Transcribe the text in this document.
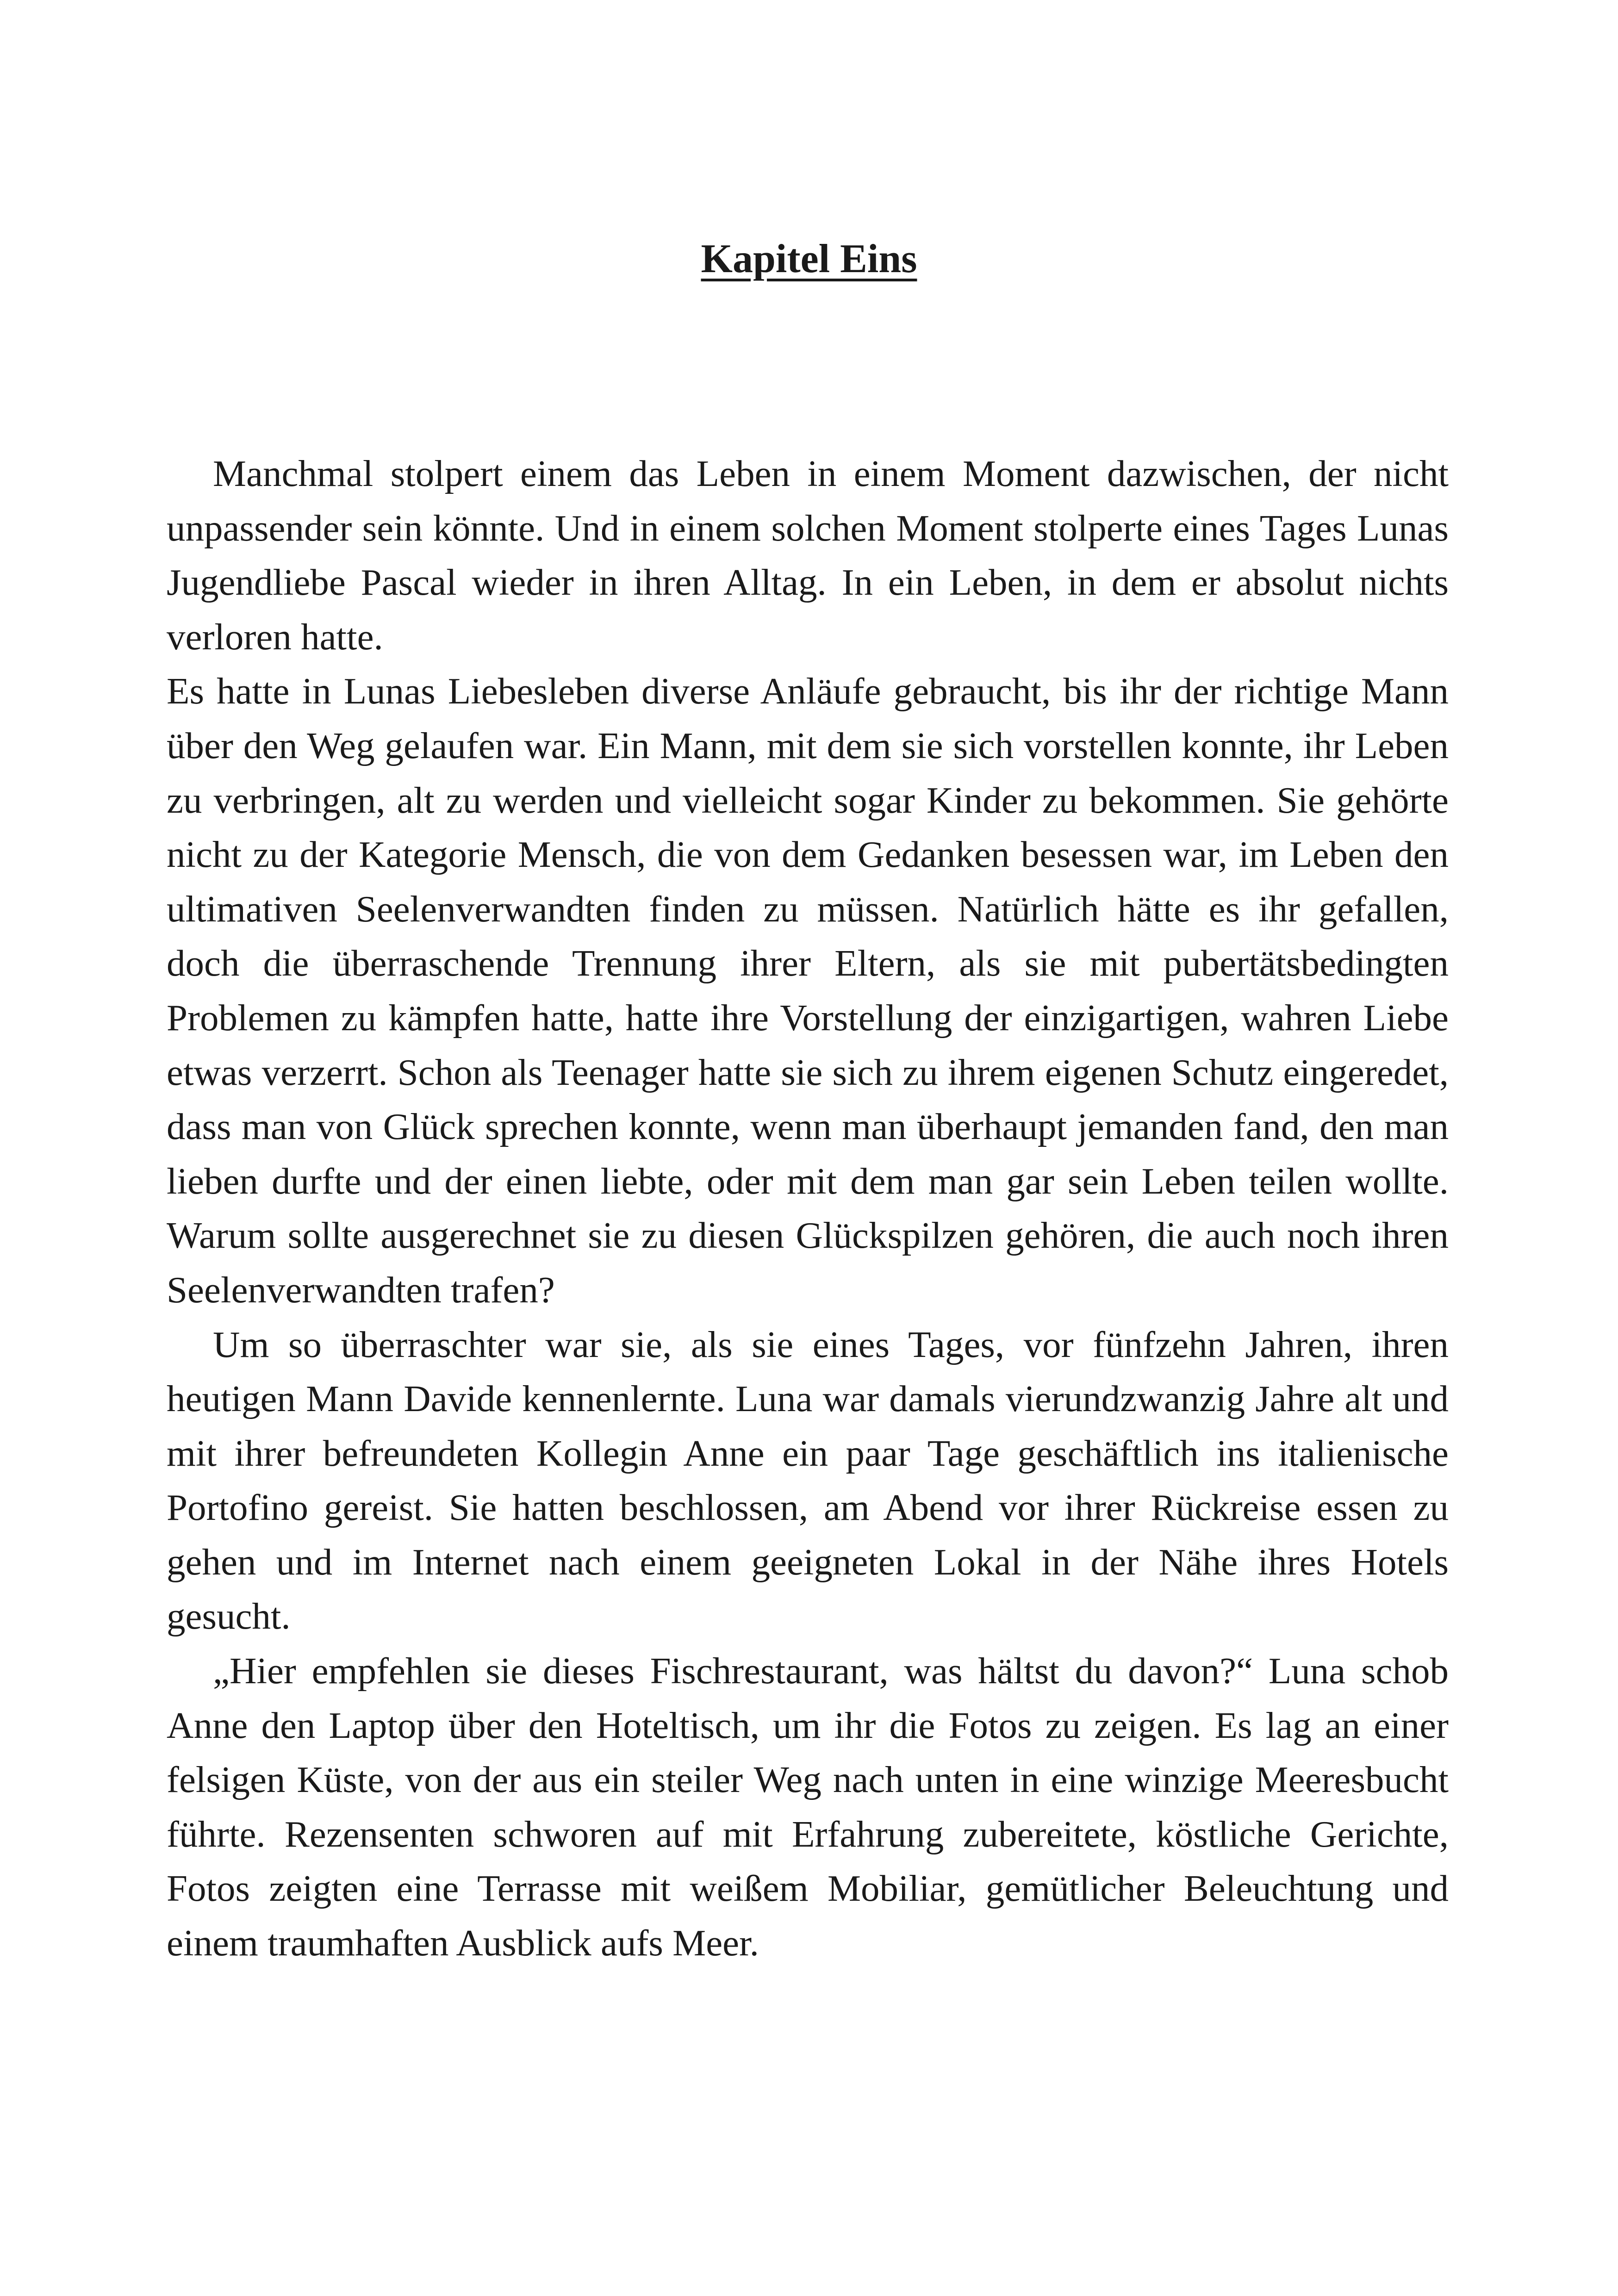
Kapitel Eins

Manchmal stolpert einem das Leben in einem Moment dazwischen, der nicht unpassender sein könnte. Und in einem solchen Moment stolperte eines Tages Lunas Jugendliebe Pascal wieder in ihren Alltag. In ein Leben, in dem er absolut nichts verloren hatte.

Es hatte in Lunas Liebesleben diverse Anläufe gebraucht, bis ihr der richtige Mann über den Weg gelaufen war. Ein Mann, mit dem sie sich vorstellen konnte, ihr Leben zu verbringen, alt zu werden und vielleicht sogar Kinder zu bekommen. Sie gehörte nicht zu der Kategorie Mensch, die von dem Gedanken besessen war, im Leben den ultimativen Seelenverwandten finden zu müssen. Natürlich hätte es ihr gefallen, doch die überraschende Trennung ihrer Eltern, als sie mit pubertätsbedingten Problemen zu kämpfen hatte, hatte ihre Vorstellung der einzigartigen, wahren Liebe etwas verzerrt. Schon als Teenager hatte sie sich zu ihrem eigenen Schutz eingeredet, dass man von Glück sprechen konnte, wenn man überhaupt jemanden fand, den man lieben durfte und der einen liebte, oder mit dem man gar sein Leben teilen wollte. Warum sollte ausgerechnet sie zu diesen Glückspilzen gehören, die auch noch ihren Seelenverwandten trafen?

Um so überraschter war sie, als sie eines Tages, vor fünfzehn Jahren, ihren heutigen Mann Davide kennenlernte. Luna war damals vierundzwanzig Jahre alt und mit ihrer befreundeten Kollegin Anne ein paar Tage geschäftlich ins italienische Portofino gereist. Sie hatten beschlossen, am Abend vor ihrer Rückreise essen zu gehen und im Internet nach einem geeigneten Lokal in der Nähe ihres Hotels gesucht.

„Hier empfehlen sie dieses Fischrestaurant, was hältst du davon?“ Luna schob Anne den Laptop über den Hoteltisch, um ihr die Fotos zu zeigen. Es lag an einer felsigen Küste, von der aus ein steiler Weg nach unten in eine winzige Meeresbucht führte. Rezensenten schworen auf mit Erfahrung zubereitete, köstliche Gerichte, Fotos zeigten eine Terrasse mit weißem Mobiliar, gemütlicher Beleuchtung und einem traumhaften Ausblick aufs Meer.
